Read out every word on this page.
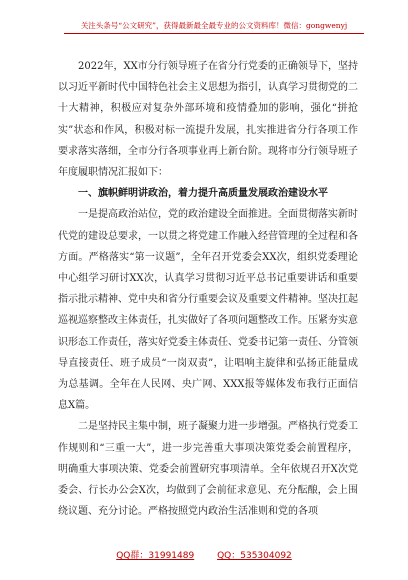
关注头条号“公文研究”，获得最新最全最专业的公文资料库！微信：gongwenyj

2022年，XX市分行领导班子在省分行党委的正确领导下，坚持以习近平新时代中国特色社会主义思想为指引，认真学习贯彻党的二十大精神，积极应对复杂外部环境和疫情叠加的影响，强化“拼抢实”状态和作风，积极对标一流提升发展，扎实推进省分行各项工作要求落实落细，全市分行各项事业再上新台阶。现将市分行领导班子年度履职情况汇报如下：

一、旗帜鲜明讲政治，着力提升高质量发展政治建设水平

一是提高政治站位，党的政治建设全面推进。全面贯彻落实新时代党的建设总要求，一以贯之将党建工作融入经营管理的全过程和各方面。严格落实“第一议题”，全年召开党委会XX次，组织党委理论中心组学习研讨XX次，认真学习贯彻习近平总书记重要讲话和重要指示批示精神、党中央和省分行重要会议及重要文件精神。坚决扛起巡视巡察整改主体责任，扎实做好了各项问题整改工作。压紧夯实意识形态工作责任，落实好党委主体责任、党委书记第一责任、分管领导直接责任、班子成员“一岗双责”，让唱响主旋律和弘扬正能量成为总基调。全年在人民网、央广网、XXX报等媒体发布我行正面信息X篇。

二是坚持民主集中制，班子凝聚力进一步增强。严格执行党委工作规则和“三重一大”，进一步完善重大事项决策党委会前置程序，明确重大事项决策、党委会前置研究事项清单。全年依规召开X次党委会、行长办公会X次，均做到了会前征求意见、充分酝酿，会上围绕议题、充分讨论。严格按照党内政治生活准则和党的各项

QQ群：31991489	QQ：535304092
